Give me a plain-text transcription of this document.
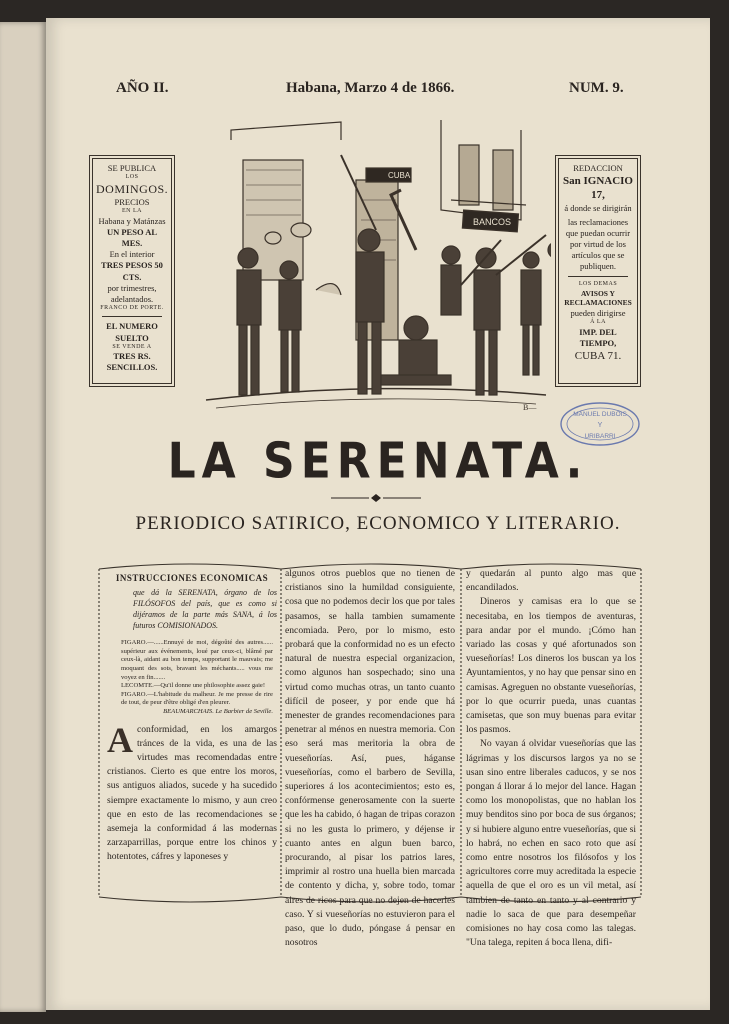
AÑO II.	Habana, Marzo 4 de 1866.	NUM. 9.
SE PUBLICA
LOS
DOMINGOS.
PRECIOS
EN LA
Habana y Matánzas
UN PESO AL MES.
En el interior
TRES PESOS 50 CTS.
por trimestres, adelantados.
FRANCO DE PORTE.
EL NUMERO SUELTO
SE VENDE A
TRES RS. SENCILLOS.
REDACCION
San IGNACIO 17,
á donde se dirigirán
las reclamaciones que puedan ocurrir por virtud de los artículos que se publiquen.
LOS DEMAS
AVISOS Y RECLAMACIONES
pueden dirigirse
Á LA
IMP. DEL TIEMPO,
CUBA 71.
CUBA
BANCOS
B—
MANUEL DUBOIS
Y
URIBARRI
LA SERENATA.
PERIODICO SATIRICO, ECONOMICO Y LITERARIO.
INSTRUCCIONES ECONOMICAS
que dá la SERENATA, órgano de los FILÓSOFOS del país, que es como si dijéramos de la parte más SANA, á los futuros COMISIONADOS.
FIGARO.—......Ennuyé de moi, dégoûté des autres...... supérieur aux événements, loué par ceux-ci, blâmé par ceux-là, aidant au bon temps, supportant le mauvais; me moquant des sots, bravant les méchants..... vous me voyez en fin.......
LECOMTE.—Qu'il donne une philosophie assez gaie!
FIGARO.—L'habitude du malheur. Je me presse de rire de tout, de peur d'être obligé d'en pleurer.
BEAUMARCHAIS. Le Barbier de Seville.

Aconformidad, en los amargos tránces de la vida, es una de las virtudes mas recomendadas entre cristianos. Cierto es que entre los moros, sus antiguos aliados, sucede y ha sucedido siempre exactamente lo mismo, y aun creo que en esto de las recomendaciones se asemeja la conformidad á las modernas zarzaparrillas, porque entre los chinos y hotentotes, cáfres y laponeses y

algunos otros pueblos que no tienen de cristianos sino la humildad consiguiente, cosa que no podemos decir los que por tales pasamos, se halla tambien sumamente encomiada. Pero, por lo mismo, esto probará que la conformidad no es un efecto natural de nuestra especial organizacion, como algunos han sospechado; sino una virtud como muchas otras, un tanto cuanto difícil de poseer, y por ende que há menester de grandes recomendaciones para penetrar al ménos en nuestra memoria. Con eso será mas meritoria la obra de vueseñorías. Así, pues, háganse vueseñorías, como el barbero de Sevilla, superiores á los acontecimientos; esto es, confórmense generosamente con la suerte que les ha cabido, ó hagan de tripas corazon si no les gusta lo primero, y déjense ir cuanto antes en algun buen barco, procurando, al pisar los patrios lares, imprimir al rostro una huella bien marcada de contento y dicha, y, sobre todo, tomar aires de ricos para que no dejen de hacerles caso. Y si vueseñorías no estuvieron para el paso, que lo dudo, póngase á pensar en nosotros

y quedarán al punto algo mas que encandilados.

Dineros y camisas era lo que se necesitaba, en los tiempos de aventuras, para andar por el mundo. ¡Cómo han variado las cosas y qué afortunados son vueseñorías! Los dineros los buscan ya los Ayuntamientos, y no hay que pensar sino en camisas. Agreguen no obstante vueseñorías, por lo que ocurrir pueda, unas cuantas camisetas, que son muy buenas para evitar los pasmos.

No vayan á olvidar vueseñorías que las lágrimas y los discursos largos ya no se usan sino entre liberales caducos, y se nos pongan á llorar á lo mejor del lance. Hagan como los monopolistas, que no hablan los muy benditos sino por boca de sus órganos; y si hubiere alguno entre vueseñorías, que si lo habrá, no echen en saco roto que así como entre nosotros los filósofos y los agricultores corre muy acreditada la especie aquella de que el oro es un vil metal, así tambien de tanto en tanto y al contrario y nadie lo saca de que para desempeñar comisiones no hay cosa como las talegas. "Una talega, repiten á boca llena, difi-
